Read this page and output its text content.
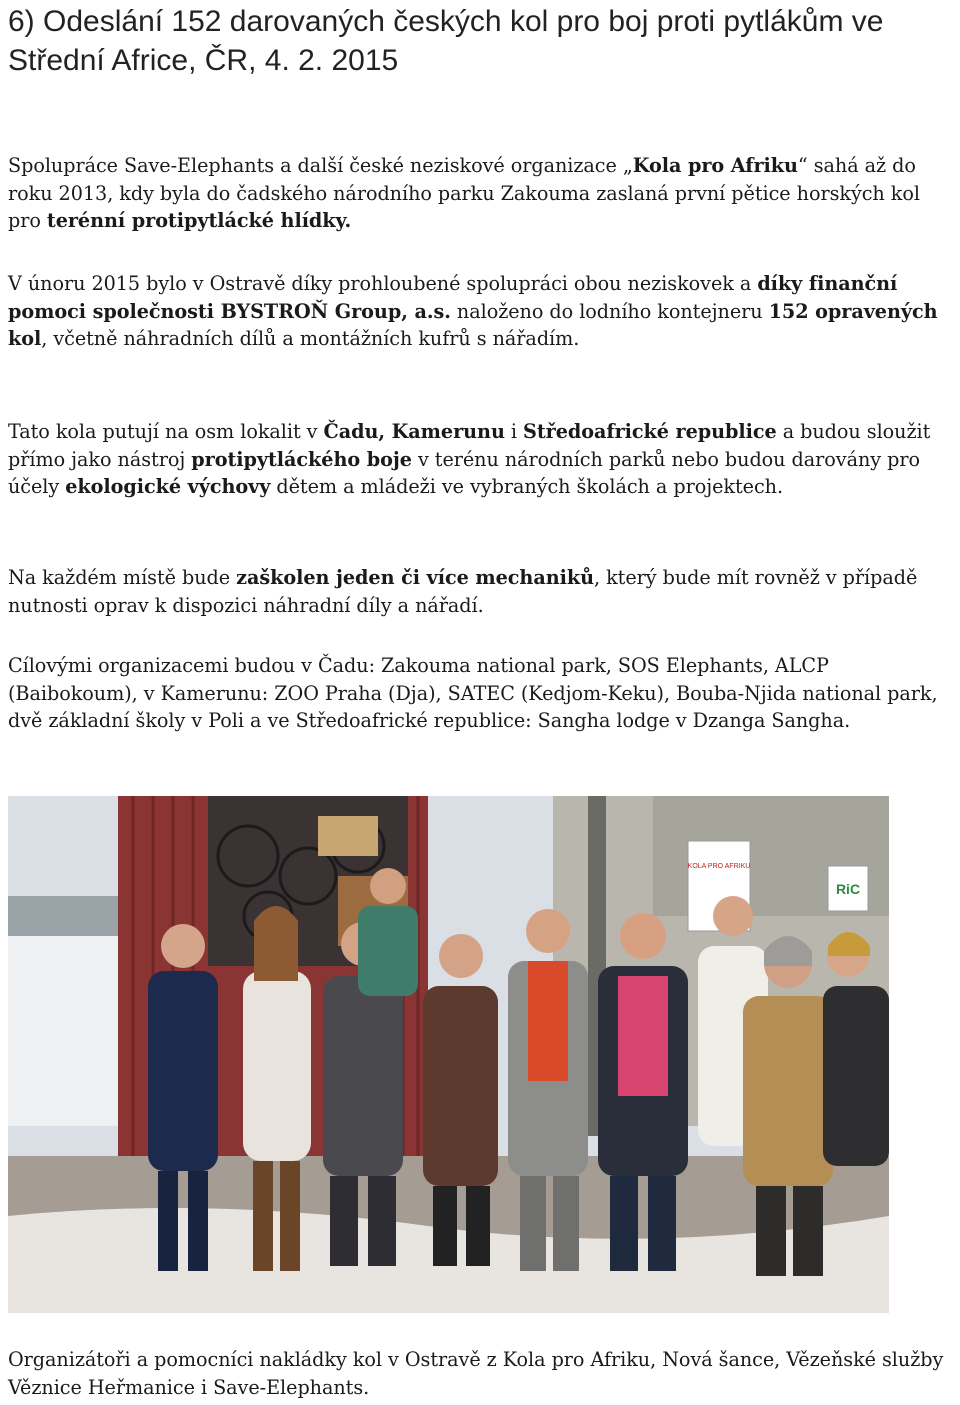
6) Odeslání 152 darovaných českých kol pro boj proti pytlákům ve Střední Africe, ČR, 4. 2. 2015

Spolupráce Save-Elephants a další české neziskové organizace „Kola pro Afriku“ sahá až do roku 2013, kdy byla do čadského národního parku Zakouma zaslaná první pětice horských kol pro terénní protipytlácké hlídky.

V únoru 2015 bylo v Ostravě díky prohloubené spolupráci obou neziskovek a díky finanční pomoci společnosti BYSTROŇ Group, a.s. naloženo do lodního kontejneru 152 opravených kol, včetně náhradních dílů a montážních kufrů s nářadím.

Tato kola putují na osm lokalit v Čadu, Kamerunu i Středoafrické republice a budou sloužit přímo jako nástroj protipytláckého boje v terénu národních parků nebo budou darovány pro účely ekologické výchovy dětem a mládeži ve vybraných školách a projektech.

Na každém místě bude zaškolen jeden či více mechaniků, který bude mít rovněž v případě nutnosti oprav k dispozici náhradní díly a nářadí.

Cílovými organizacemi budou v Čadu: Zakouma national park, SOS Elephants, ALCP (Baibokoum), v Kamerunu: ZOO Praha (Dja), SATEC (Kedjom-Keku), Bouba-Njida national park, dvě základní školy v Poli a ve Středoafrické republice: Sangha lodge v Dzanga Sangha.

Organizátoři a pomocníci nakládky kol v Ostravě z Kola pro Afriku, Nová šance, Vězeňské služby Věznice Heřmanice i Save-Elephants.

KOLA PRO AFRIKU
RiC
